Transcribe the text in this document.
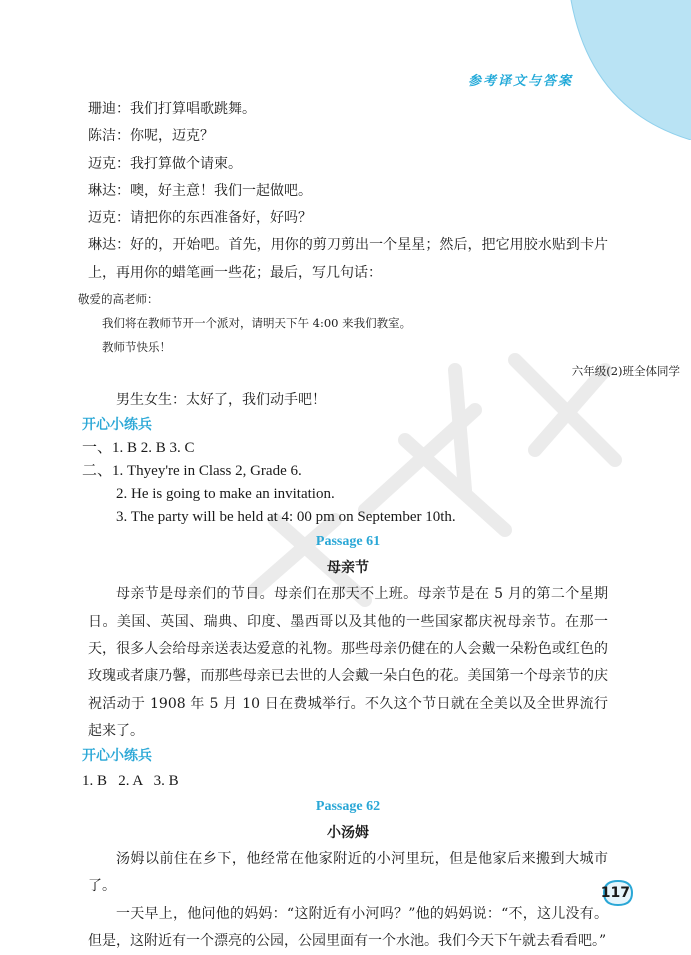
参考译文与答案
珊迪：我们打算唱歌跳舞。
陈洁：你呢，迈克？
迈克：我打算做个请柬。
琳达：噢，好主意！我们一起做吧。
迈克：请把你的东西准备好，好吗？
琳达：好的，开始吧。首先，用你的剪刀剪出一个星星；然后，把它用胶水贴到卡片上，再用你的蜡笔画一些花；最后，写几句话：
敬爱的高老师：
我们将在教师节开一个派对，请明天下午 4:00 来我们教室。
教师节快乐！
六年级(2)班全体同学
男生女生：太好了，我们动手吧！
开心小练兵
一、1. B 2. B 3. C
二、1. Thyey're in Class 2, Grade 6.
2. He is going to make an invitation.
3. The party will be held at 4: 00 pm on September 10th.
Passage 61
母亲节
母亲节是母亲们的节日。母亲们在那天不上班。母亲节是在 5 月的第二个星期日。美国、英国、瑞典、印度、墨西哥以及其他的一些国家都庆祝母亲节。在那一天，很多人会给母亲送表达爱意的礼物。那些母亲仍健在的人会戴一朵粉色或红色的玫瑰或者康乃馨，而那些母亲已去世的人会戴一朵白色的花。美国第一个母亲节的庆祝活动于 1908 年 5 月 10 日在费城举行。不久这个节日就在全美以及全世界流行起来了。
开心小练兵
1. B   2. A   3. B
Passage 62
小汤姆
汤姆以前住在乡下，他经常在他家附近的小河里玩，但是他家后来搬到大城市了。
一天早上，他问他的妈妈：“这附近有小河吗？”他的妈妈说：“不，这儿没有。但是，这附近有一个漂亮的公园，公园里面有一个水池。我们今天下午就去看看吧。”
117
